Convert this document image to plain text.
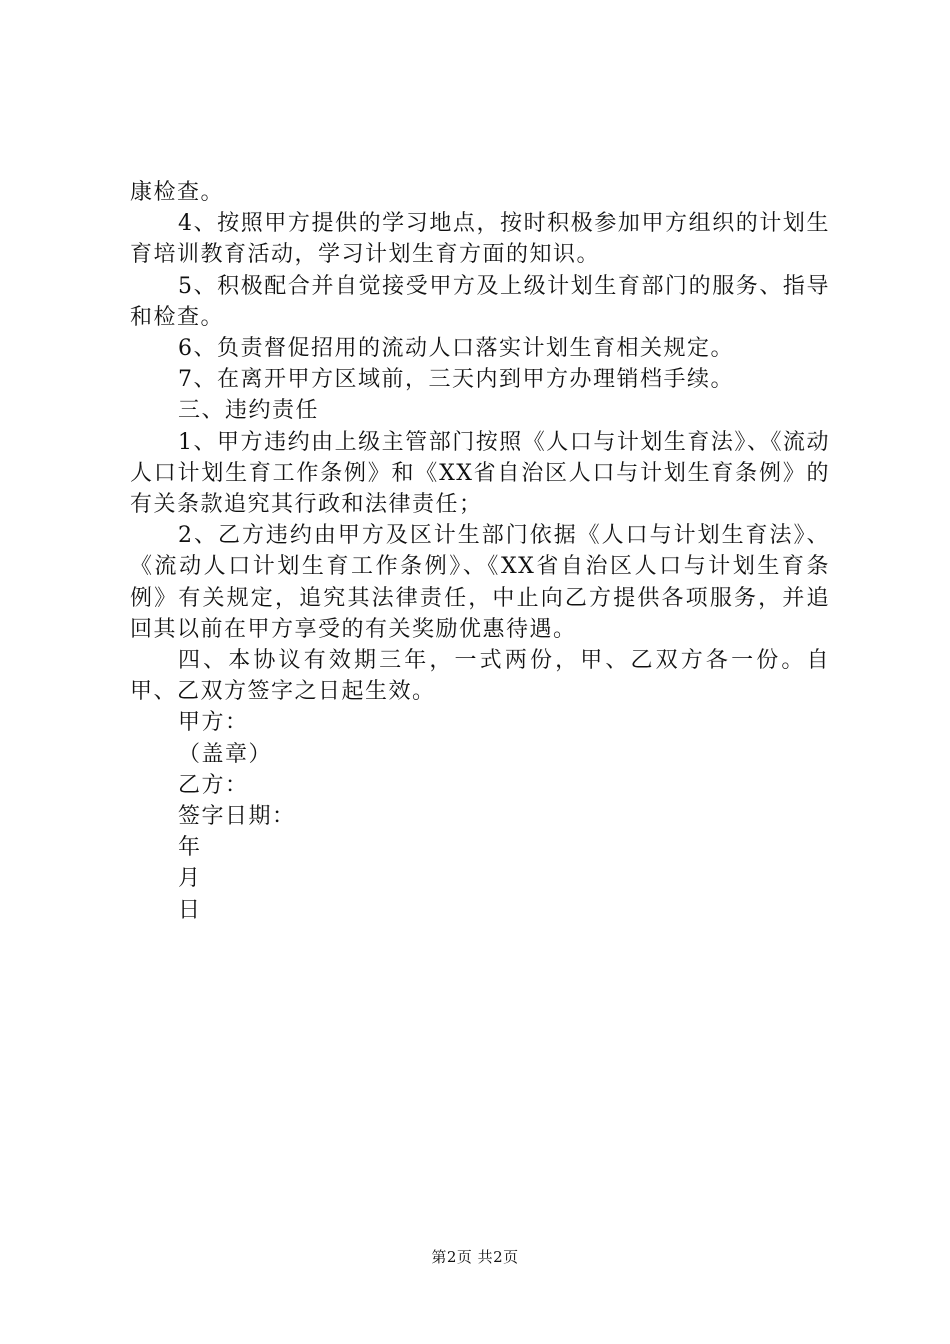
康检查。

4、按照甲方提供的学习地点，按时积极参加甲方组织的计划生育培训教育活动，学习计划生育方面的知识。

5、积极配合并自觉接受甲方及上级计划生育部门的服务、指导和检查。

6、负责督促招用的流动人口落实计划生育相关规定。

7、在离开甲方区域前，三天内到甲方办理销档手续。

三、违约责任

1、甲方违约由上级主管部门按照《人口与计划生育法》、《流动人口计划生育工作条例》和《XX省自治区人口与计划生育条例》的有关条款追究其行政和法律责任；

2、乙方违约由甲方及区计生部门依据《人口与计划生育法》、《流动人口计划生育工作条例》、《XX省自治区人口与计划生育条例》有关规定，追究其法律责任，中止向乙方提供各项服务，并追回其以前在甲方享受的有关奖励优惠待遇。

四、本协议有效期三年，一式两份，甲、乙双方各一份。自甲、乙双方签字之日起生效。

甲方：

（盖章）

乙方：

签字日期：

年

月

日

第2页 共2页
